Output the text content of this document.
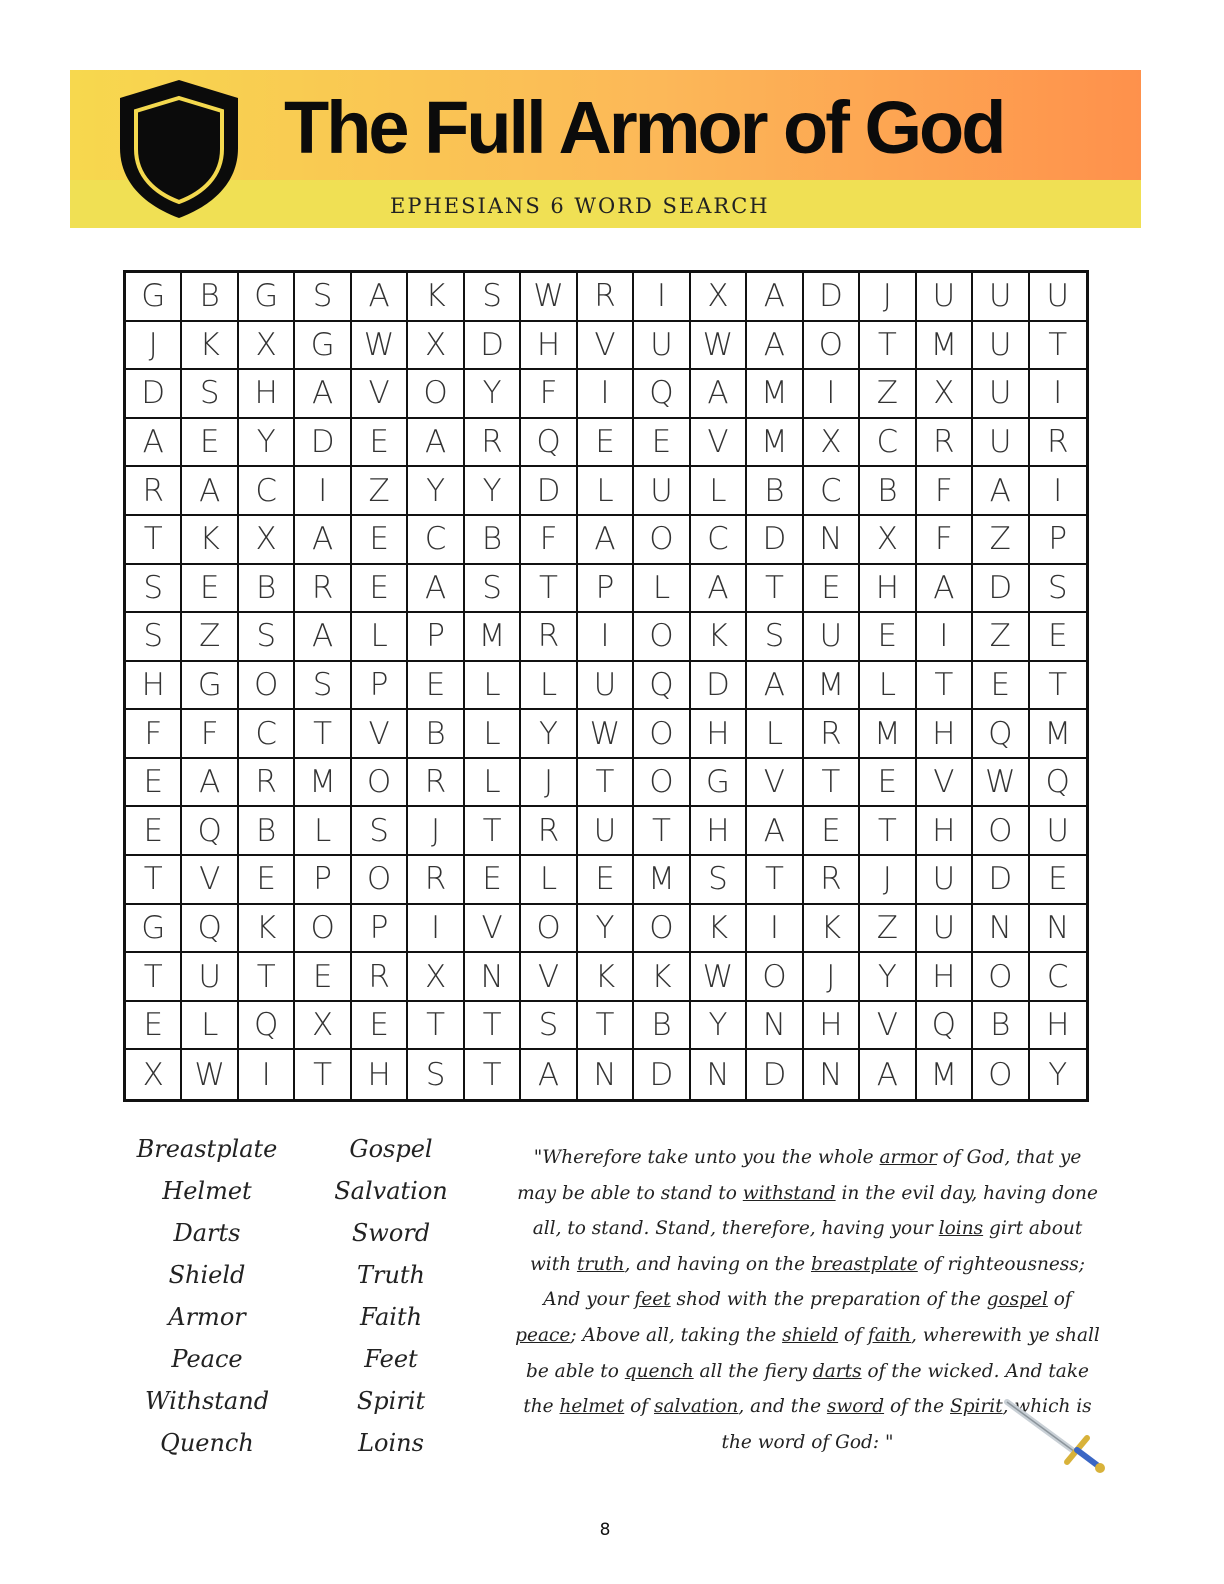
The Full Armor of God
EPHESIANS 6 WORD SEARCH
G	B	G	S	A	K	S	W R	I	X	A	D	J	U	U	U
J	K	X	G W X	D	H	V	U W A	O	T	M	U	T
D	S	H	A	V	O	Y	F	I	Q	A	M	I	Z	X	U	I
A	E	Y	D	E	A	R	Q	E	E	V	M	X	C	R	U	R
R	A	C	I	Z	Y	Y	D	L	U	L	B	C	B	F	A	I
T	K	X	A	E	C	B	F	A	O	C	D	N	X	F	Z	P
S	E	B	R	E	A	S	T	P	L	A	T	E	H	A	D	S
S	Z	S	A	L	P	M	R	I	O	K	S	U	E	I	Z	E
H	G	O	S	P	E	L	L	U	Q	D	A	M	L	T	E	T
F	F	C	T	V	B	L	Y	W O	H	L	R	M	H	Q	M
E	A	R	M O	R	L	J	T	O	G	V	T	E	V W Q
E	Q	B	L	S	J	T	R	U	T	H	A	E	T	H	O	U
T	V	E	P	O	R	E	L	E	M	S	T	R	J	U	D	E
G	Q	K	O	P	I	V	O	Y	O	K	I	K	Z	U	N	N
T	U	T	E	R	X	N	V	K	K W O	J	Y	H	O	C
E	L	Q	X	E	T	T	S	T	B	Y	N	H	V	Q	B	H
X W	I	T	H	S	T	A	N	D	N	D	N	A	M O	Y
Breastplate
Helmet
Darts
Shield
Armor
Peace
Withstand
Quench
Gospel
Salvation
Sword
Truth
Faith
Feet
Spirit
Loins
"Wherefore take unto you the whole armor of God, that ye may be able to stand to withstand in the evil day, having done all, to stand. Stand, therefore, having your loins girt about with truth, and having on the breastplate of righteousness; And your feet shod with the preparation of the gospel of peace; Above all, taking the shield of faith, wherewith ye shall be able to quench all the fiery darts of the wicked. And take the helmet of salvation, and the sword of the Spirit, which is the word of God: "
8
